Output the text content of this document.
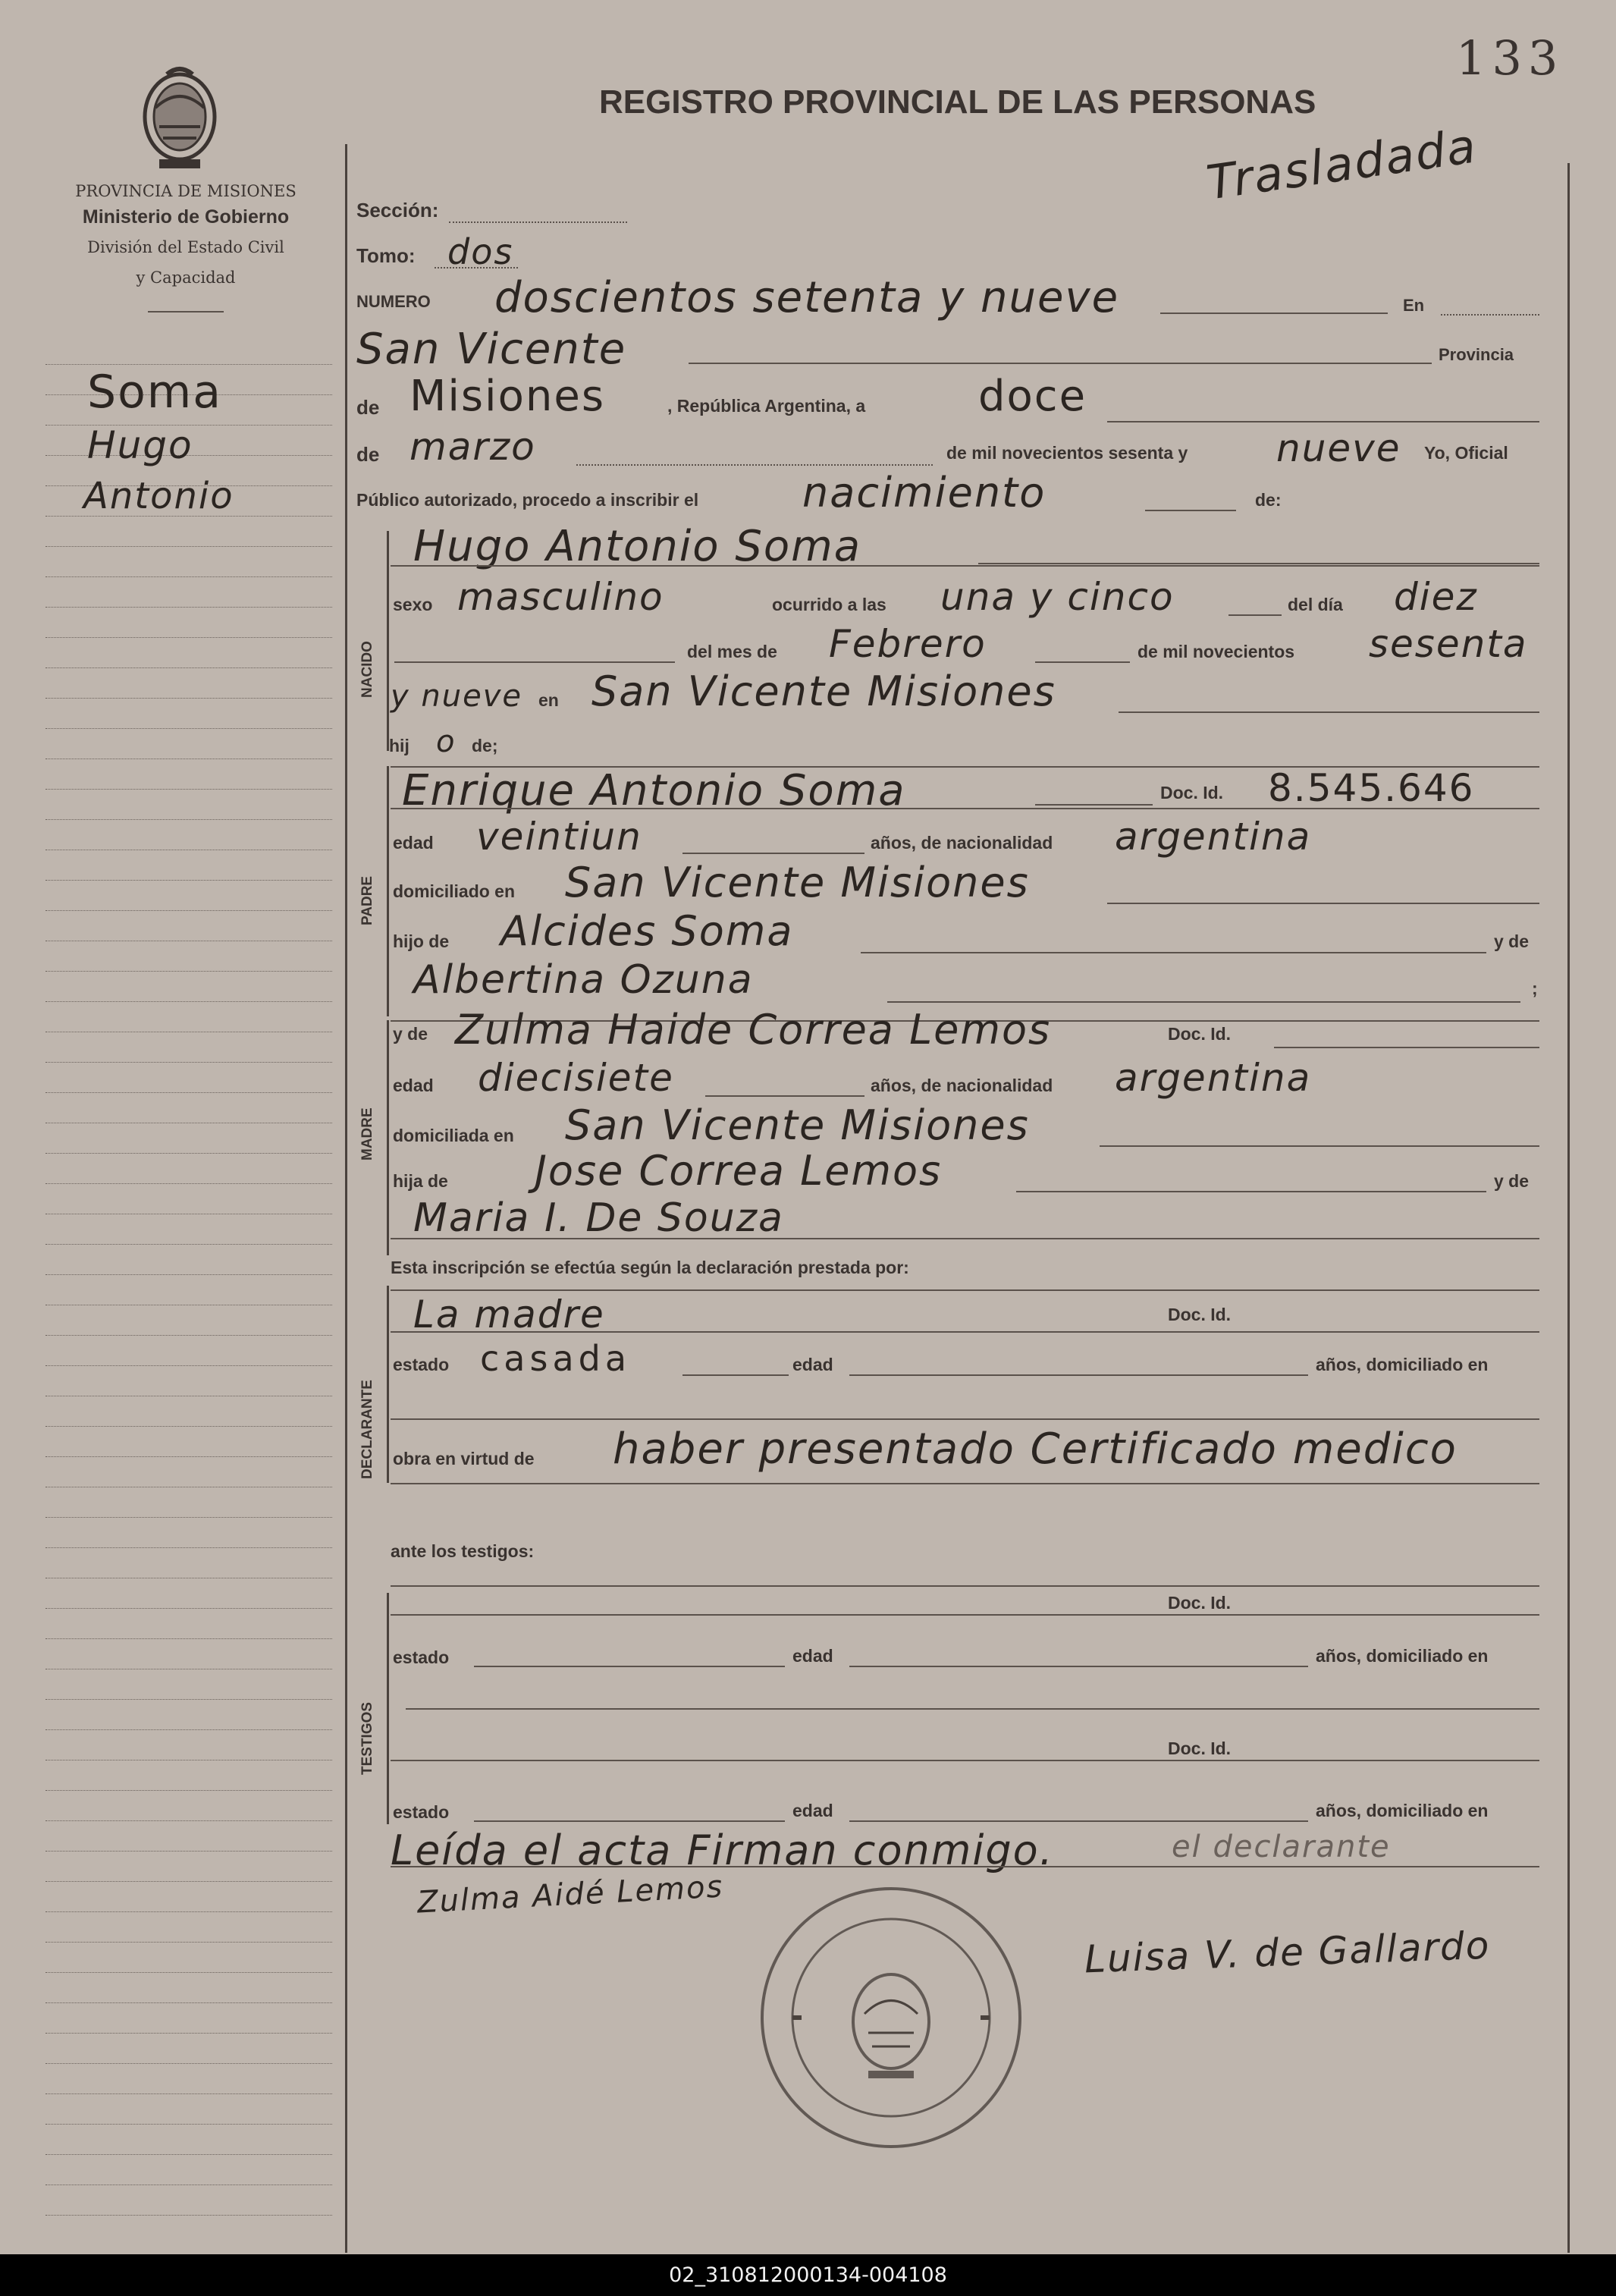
PROVINCIA DE MISIONES
Ministerio de Gobierno
División del Estado Civil
y Capacidad
Soma
Hugo
Antonio
133
REGISTRO PROVINCIAL DE LAS PERSONAS
Trasladada
NACIDO
PADRE
MADRE
DECLARANTE
TESTIGOS
Sección:
Tomo: dos
NUMERO doscientos setenta y nueve	En
San Vicente	Provincia
de Misiones	, República Argentina, a	doce
de marzo	de mil novecientos sesenta y nueve Yo, Oficial
Público autorizado, procedo a inscribir el	nacimiento	de:
Hugo Antonio Soma
sexo masculino	ocurrido a las una y cinco	del día diez
del mes de Febrero	de mil novecientos sesenta
y nueve en San Vicente Misiones
hij o de;
Enrique Antonio Soma	Doc. Id. 8.545.646
edad veintiun	años, de nacionalidad argentina
domiciliado en San Vicente Misiones
hijo de Alcides Soma	y de
Albertina Ozuna	;
y de Zulma Haide Correa Lemos	Doc. Id.
edad diecisiete	años, de nacionalidad argentina
domiciliada en San Vicente Misiones
hija de Jose Correa Lemos	y de
Maria I. De Souza
Esta inscripción se efectúa según la declaración prestada por:
La madre	Doc. Id.
estado casada	edad	años, domiciliado en
obra en virtud de haber presentado Certificado medico
ante los testigos:
Doc. Id.
estado	edad	años, domiciliado en
Doc. Id.
estado	edad	años, domiciliado en
Leída el acta Firman conmigo.	el declarante
Zulma Aidé Lemos
Luisa V. de Gallardo
02_310812000134-004108
